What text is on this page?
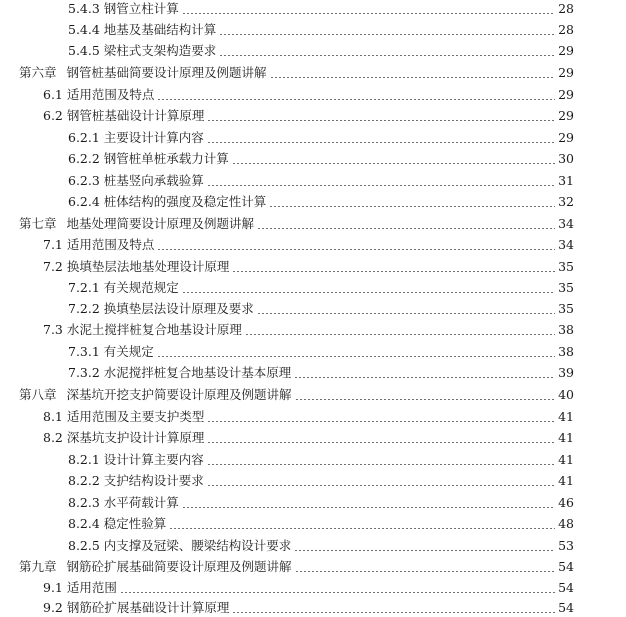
5.4.3 钢管立柱计算	28
5.4.4 地基及基础结构计算	28
5.4.5 梁柱式支架构造要求	29
第六章 钢管桩基础简要设计原理及例题讲解	29
6.1 适用范围及特点	29
6.2 钢管桩基础设计计算原理	29
6.2.1 主要设计计算内容	29
6.2.2 钢管桩单桩承载力计算	30
6.2.3 桩基竖向承载验算	31
6.2.4 桩体结构的强度及稳定性计算	32
第七章 地基处理简要设计原理及例题讲解	34
7.1 适用范围及特点	34
7.2 换填垫层法地基处理设计原理	35
7.2.1 有关规范规定	35
7.2.2 换填垫层法设计原理及要求	35
7.3 水泥土搅拌桩复合地基设计原理	38
7.3.1 有关规定	38
7.3.2 水泥搅拌桩复合地基设计基本原理	39
第八章 深基坑开挖支护简要设计原理及例题讲解	40
8.1 适用范围及主要支护类型	41
8.2 深基坑支护设计计算原理	41
8.2.1 设计计算主要内容	41
8.2.2 支护结构设计要求	41
8.2.3 水平荷载计算	46
8.2.4 稳定性验算	48
8.2.5 内支撑及冠梁、腰梁结构设计要求	53
第九章 钢筋砼扩展基础简要设计原理及例题讲解	54
9.1 适用范围	54
9.2 钢筋砼扩展基础设计计算原理	54
